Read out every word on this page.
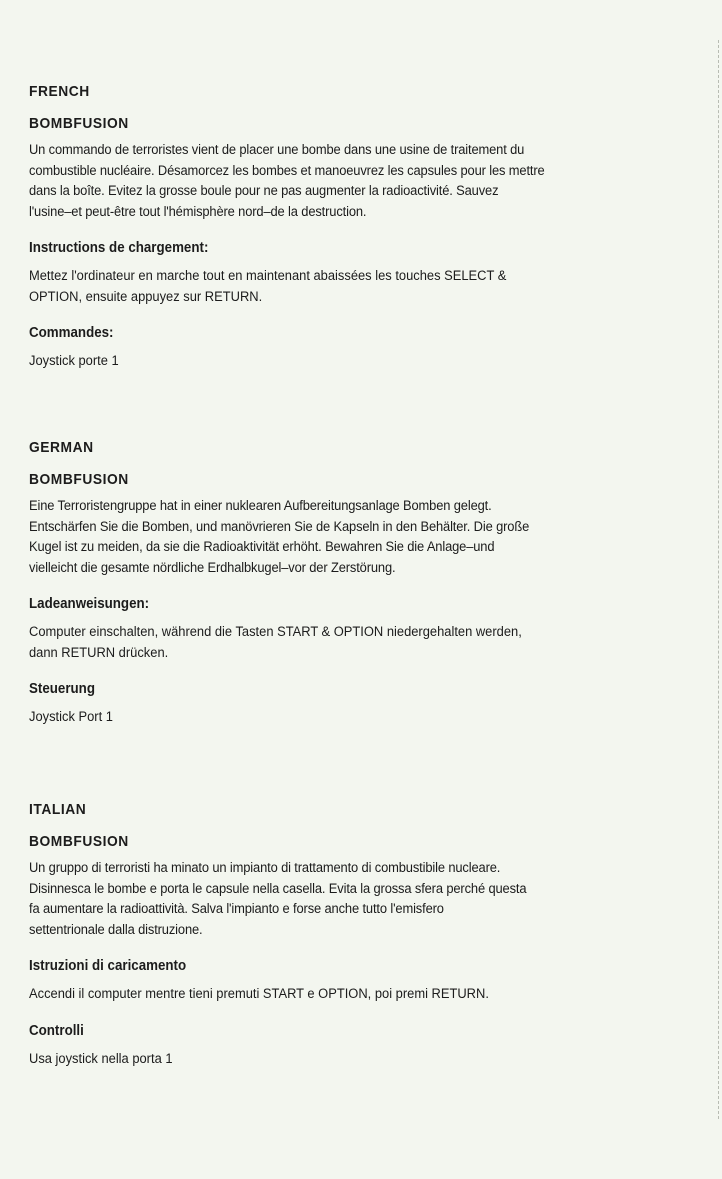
FRENCH

BOMBFUSION

Un commando de terroristes vient de placer une bombe dans une usine de traitement du
combustible nucléaire. Désamorcez les bombes et manoeuvrez les capsules pour les mettre
dans la boîte. Evitez la grosse boule pour ne pas augmenter la radioactivité. Sauvez
l'usine–et peut-être tout l'hémisphère nord–de la destruction.

Instructions de chargement:

Mettez l'ordinateur en marche tout en maintenant abaissées les touches SELECT &
OPTION, ensuite appuyez sur RETURN.

Commandes:

Joystick porte 1

GERMAN

BOMBFUSION

Eine Terroristengruppe hat in einer nuklearen Aufbereitungsanlage Bomben gelegt.
Entschärfen Sie die Bomben, und manövrieren Sie de Kapseln in den Behälter. Die große
Kugel ist zu meiden, da sie die Radioaktivität erhöht. Bewahren Sie die Anlage–und
vielleicht die gesamte nördliche Erdhalbkugel–vor der Zerstörung.

Ladeanweisungen:

Computer einschalten, während die Tasten START & OPTION niedergehalten werden,
dann RETURN drücken.

Steuerung

Joystick Port 1

ITALIAN

BOMBFUSION

Un gruppo di terroristi ha minato un impianto di trattamento di combustibile nucleare.
Disinnesca le bombe e porta le capsule nella casella. Evita la grossa sfera perché questa
fa aumentare la radioattività. Salva l'impianto e forse anche tutto l'emisfero
settentrionale dalla distruzione.

Istruzioni di caricamento

Accendi il computer mentre tieni premuti START e OPTION, poi premi RETURN.

Controlli

Usa joystick nella porta 1
